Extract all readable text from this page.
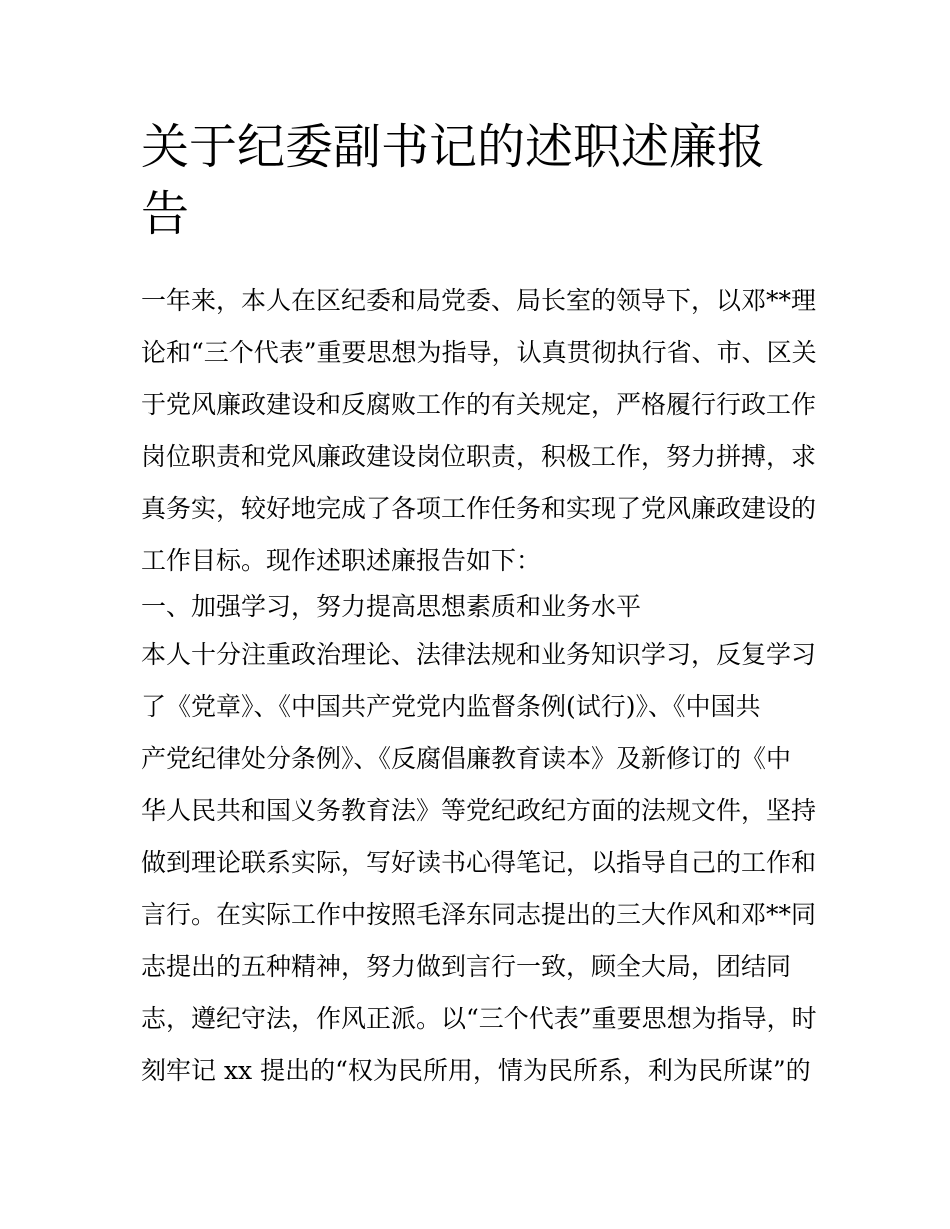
关于纪委副书记的述职述廉报
告
一年来，本人在区纪委和局党委、局长室的领导下，以邓**理
论和“三个代表”重要思想为指导，认真贯彻执行省、市、区关
于党风廉政建设和反腐败工作的有关规定，严格履行行政工作
岗位职责和党风廉政建设岗位职责，积极工作，努力拼搏，求
真务实，较好地完成了各项工作任务和实现了党风廉政建设的
工作目标。现作述职述廉报告如下：
一、加强学习，努力提高思想素质和业务水平
本人十分注重政治理论、法律法规和业务知识学习，反复学习
了《党章》、《中国共产党党内监督条例(试行)》、《中国共
产党纪律处分条例》、《反腐倡廉教育读本》及新修订的《中
华人民共和国义务教育法》等党纪政纪方面的法规文件，坚持
做到理论联系实际，写好读书心得笔记，以指导自己的工作和
言行。在实际工作中按照毛泽东同志提出的三大作风和邓**同
志提出的五种精神，努力做到言行一致，顾全大局，团结同
志，遵纪守法，作风正派。以“三个代表”重要思想为指导，时
刻牢记 xx 提出的“权为民所用，情为民所系，利为民所谋”的
